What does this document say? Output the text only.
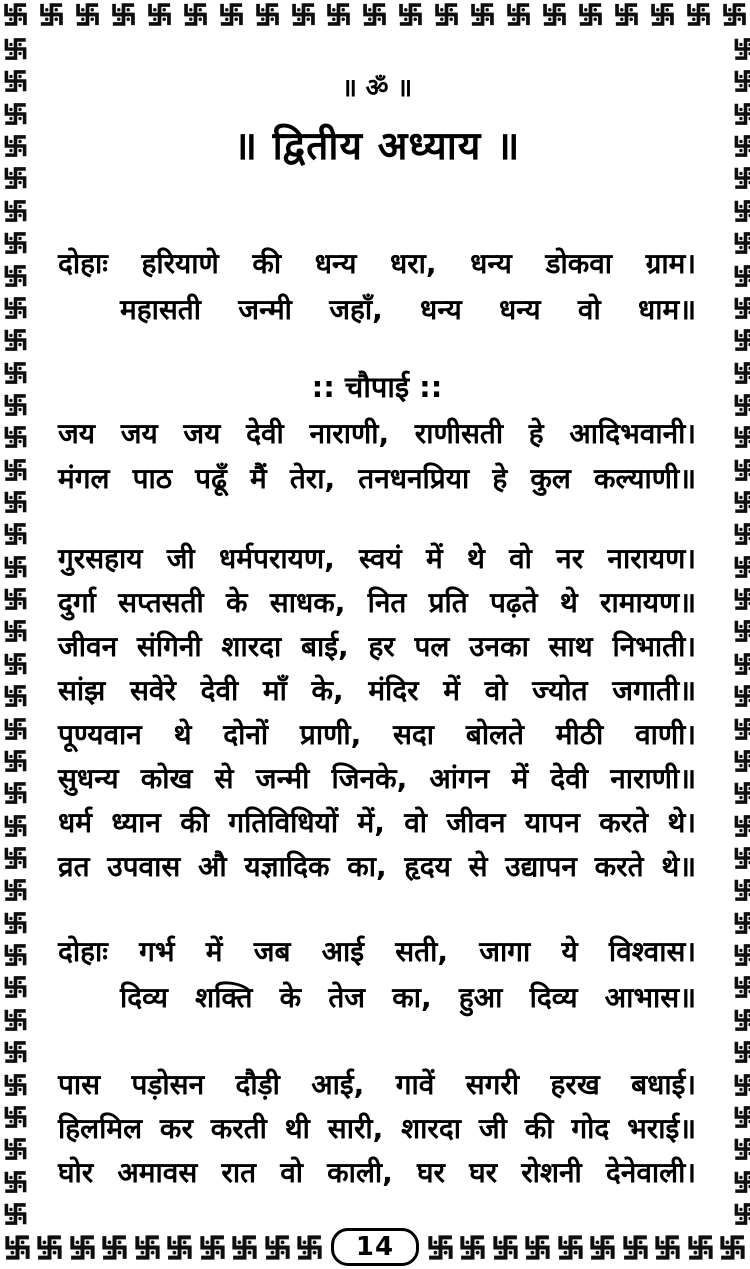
॥ ॐ ॥
॥ द्वितीय अध्याय ॥
दोहाः हरियाणे की धन्य धरा, धन्य डोकवा ग्राम।
महासती जन्मी जहाँ, धन्य धन्य वो धाम॥
:: चौपाई ::
जय जय जय देवी नाराणी, राणीसती हे आदिभवानी।
मंगल पाठ पढूँ मैं तेरा, तनधनप्रिया हे कुल कल्याणी॥
गुरसहाय जी धर्मपरायण, स्वयं में थे वो नर नारायण।
दुर्गा सप्तसती के साधक, नित प्रति पढ़ते थे रामायण॥
जीवन संगिनी शारदा बाई, हर पल उनका साथ निभाती।
सांझ सवेरे देवी माँ के, मंदिर में वो ज्योत जगाती॥
पूण्यवान थे दोनों प्राणी, सदा बोलते मीठी वाणी।
सुधन्य कोख से जन्मी जिनके, आंगन में देवी नाराणी॥
धर्म ध्यान की गतिविधियों में, वो जीवन यापन करते थे।
व्रत उपवास औ यज्ञादिक का, हृदय से उद्यापन करते थे॥
दोहाः गर्भ में जब आई सती, जागा ये विश्वास।
दिव्य शक्ति के तेज का, हुआ दिव्य आभास॥
पास पड़ोसन दौड़ी आई, गावें सगरी हरख बधाई।
हिलमिल कर करती थी सारी, शारदा जी की गोद भराई॥
घोर अमावस रात वो काली, घर घर रोशनी देनेवाली।
14
